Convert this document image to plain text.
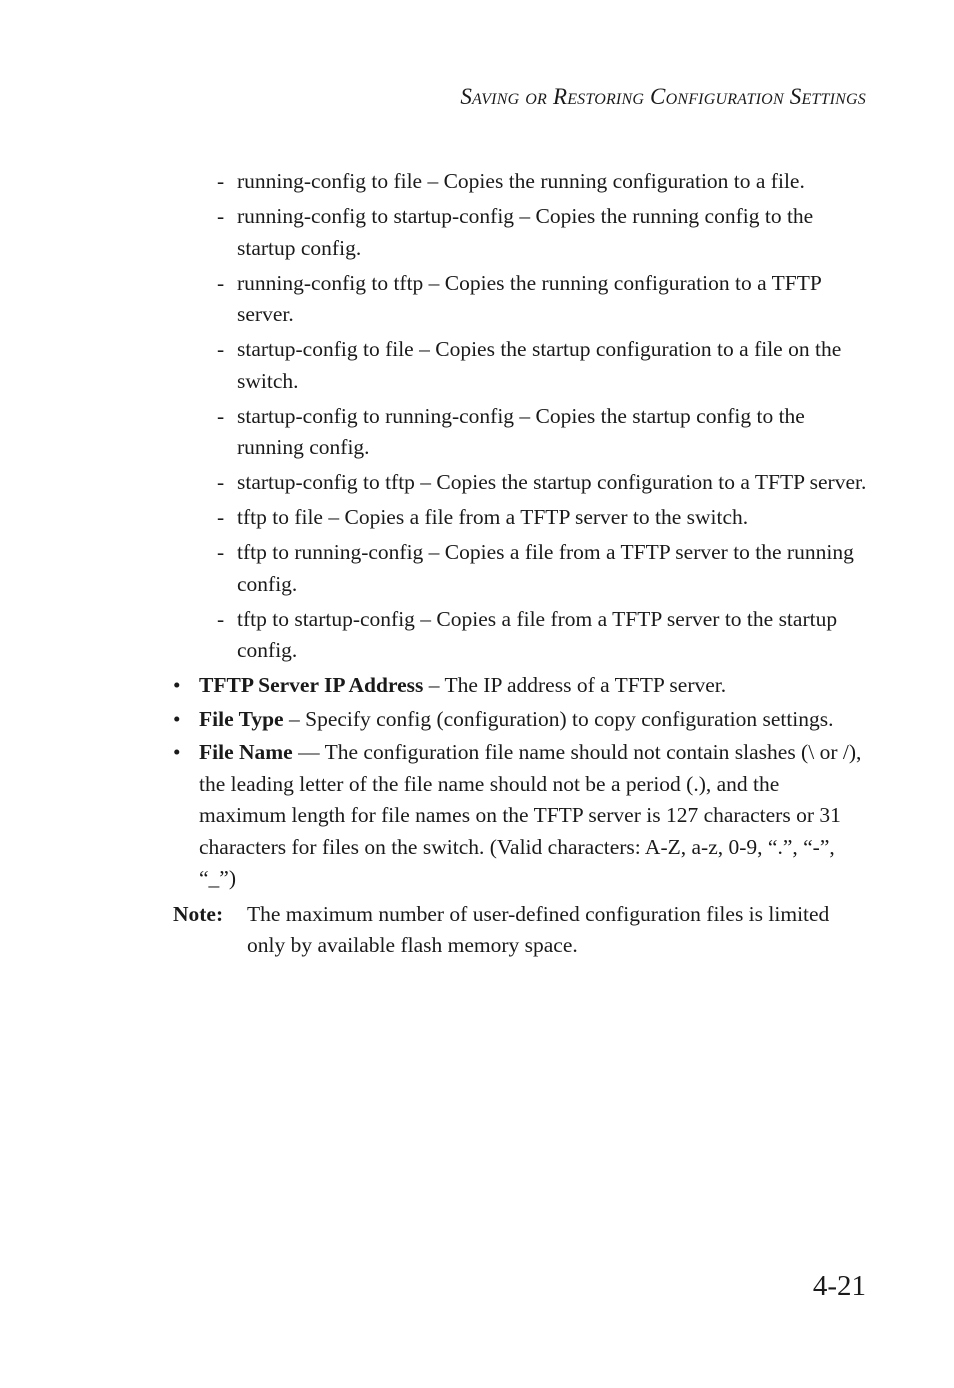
Saving or Restoring Configuration Settings
- running-config to file – Copies the running configuration to a file.
- running-config to startup-config – Copies the running config to the startup config.
- running-config to tftp – Copies the running configuration to a TFTP server.
- startup-config to file – Copies the startup configuration to a file on the switch.
- startup-config to running-config – Copies the startup config to the running config.
- startup-config to tftp – Copies the startup configuration to a TFTP server.
- tftp to file – Copies a file from a TFTP server to the switch.
- tftp to running-config – Copies a file from a TFTP server to the running config.
- tftp to startup-config – Copies a file from a TFTP server to the startup config.
• TFTP Server IP Address – The IP address of a TFTP server.
• File Type – Specify config (configuration) to copy configuration settings.
• File Name — The configuration file name should not contain slashes (\ or /), the leading letter of the file name should not be a period (.), and the maximum length for file names on the TFTP server is 127 characters or 31 characters for files on the switch. (Valid characters: A-Z, a-z, 0-9, “.”, “-”, “_”)
Note: The maximum number of user-defined configuration files is limited only by available flash memory space.
4-21
